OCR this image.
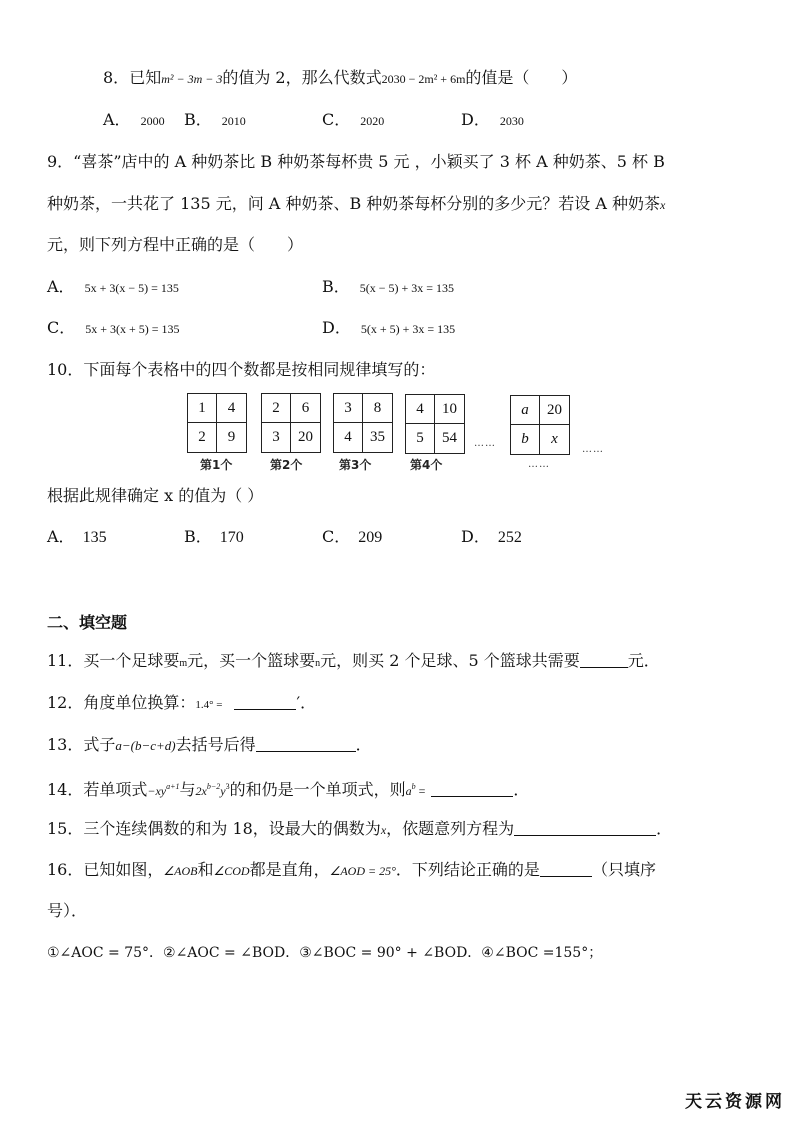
8．已知m² − 3m − 3的值为 2，那么代数式2030 − 2m² + 6m的值是（　　）
A． 2000 B． 2010	C． 2020	D． 2030
9．“喜茶”店中的 A 种奶茶比 B 种奶茶每杯贵 5 元 ，小颖买了 3 杯 A 种奶茶、5 杯 B
种奶茶，一共花了 135 元，问 A 种奶茶、B 种奶茶每杯分别的多少元？若设 A 种奶茶x
元，则下列方程中正确的是（　　）
A． 5x + 3(x − 5) = 135	B． 5(x − 5) + 3x = 135
C． 5x + 3(x + 5) = 135	D． 5(x + 5) + 3x = 135
10．下面每个表格中的四个数都是按相同规律填写的：
1	4
2	9
第1个
2	6
3	20
第2个
3	8
4	35
第3个
4	10
5	54
第4个
……
a	20
b	x
……
……
根据此规律确定 x 的值为（ ）
A． 135	B． 170	C． 209	D． 252
二、填空题
11．买一个足球要m元，买一个篮球要n元，则买 2 个足球、5 个篮球共需要	元．
12．角度单位换算：1.4° =	′．
13．式子a−(b−c+d)去括号后得	．
14．若单项式$-xy^{a+1}$与$2x^{b-2}y^3$的和仍是一个单项式，则$a^b$ =	．
15．三个连续偶数的和为 18，设最大的偶数为x，依题意列方程为	．
16．已知如图，∠AOB和∠COD都是直角，∠AOD = 25°．下列结论正确的是	（只填序
号）．
①∠AOC = 75°．②∠AOC = ∠BOD．③∠BOC = 90° + ∠BOD．④∠BOC =155°；
天云资源网
